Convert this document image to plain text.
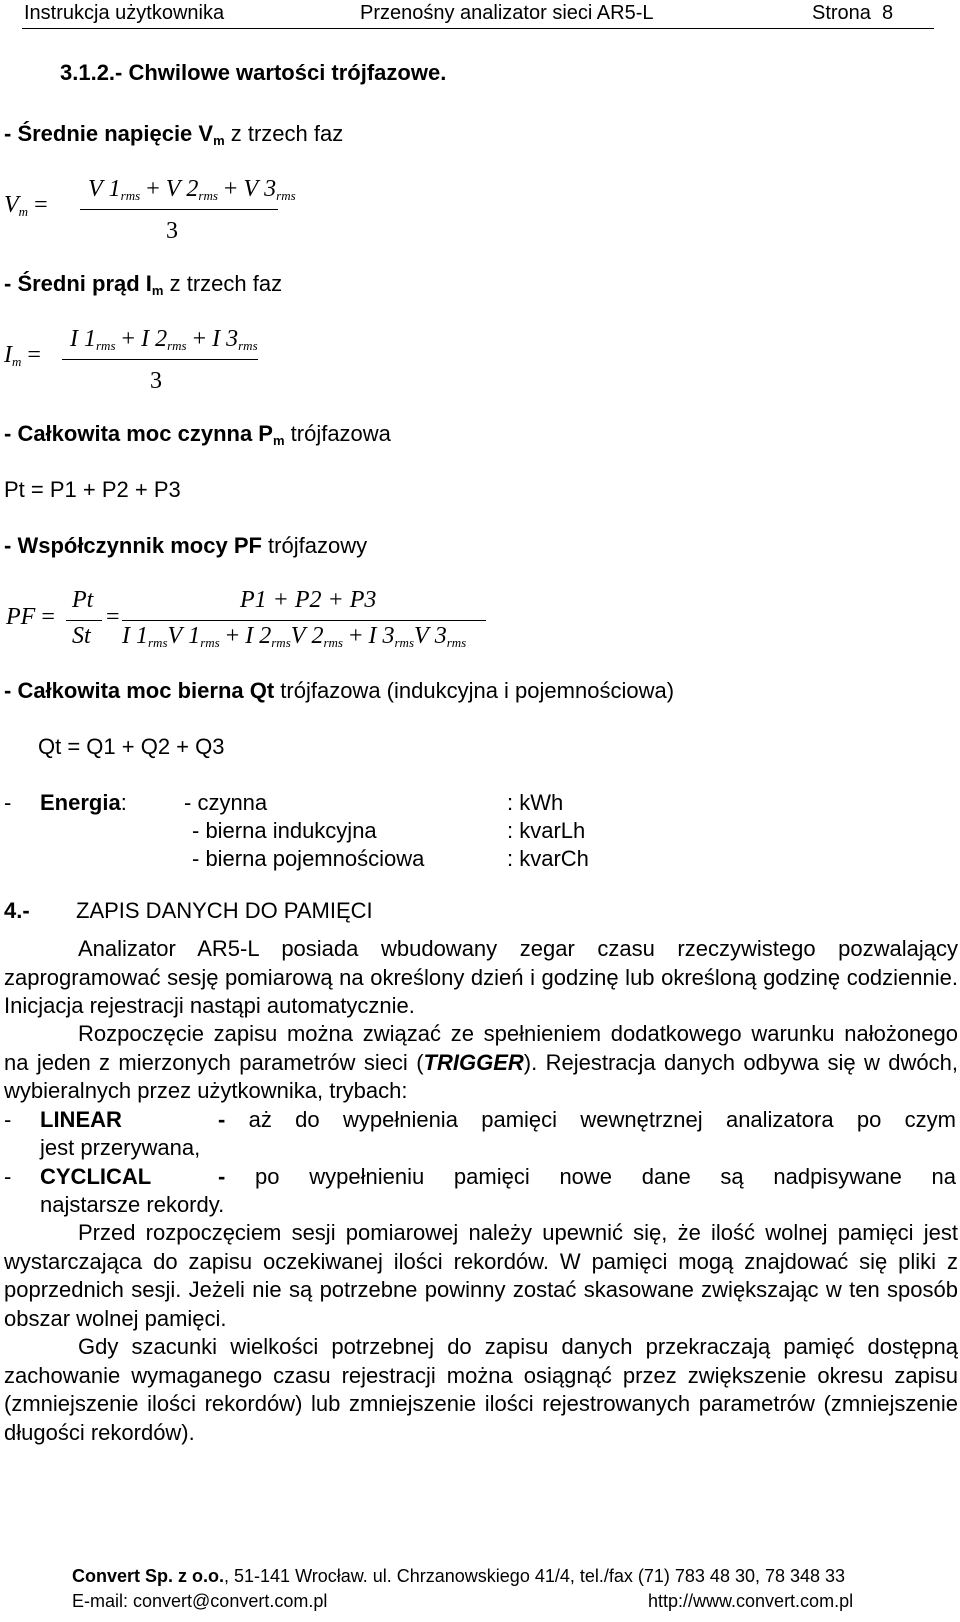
Instrukcja użytkownika	Przenośny analizator sieci AR5-L	Strona  8
3.1.2.- Chwilowe wartości trójfazowe.
- Średnie napięcie $V_m$ z trzech faz
$V_m$ =
V $1_{rms} + V$ $2_{rms} + V$ $3_{rms}$
3
- Średni prąd $I_m$ z trzech faz
$I_m$ =
I $1_{rms} + I$ $2_{rms} + I$ $3_{rms}$
3
- Całkowita moc czynna $P_m$ trójfazowa
Pt = P1 + P2 + P3
- Współczynnik mocy PF trójfazowy
PF =
Pt
St
=
P1 + P2 + P3
I $1_{rms}V$ $1_{rms} + I$ $2_{rms}V$ $2_{rms} + I$ $3_{rms}V$ $3_{rms}$
- Całkowita moc bierna Qt trójfazowa (indukcyjna i pojemnościowa)
Qt = Q1 + Q2 + Q3
- Energia:	- czynna	: kWh
- bierna indukcyjna	: kvarLh
- bierna pojemnościowa	: kvarCh
4.- ZAPIS DANYCH DO PAMIĘCI
Analizator AR5-L posiada wbudowany zegar czasu rzeczywistego pozwalający zaprogramować sesję pomiarową na określony dzień i godzinę lub określoną godzinę codziennie. Inicjacja rejestracji nastąpi automatycznie.
Rozpoczęcie zapisu można związać ze spełnieniem dodatkowego warunku nałożonego na jeden z mierzonych parametrów sieci (TRIGGER). Rejestracja danych odbywa się w dwóch, wybieralnych przez użytkownika, trybach:
- LINEAR	- aż do wypełnienia pamięci wewnętrznej analizatora po czym
jest przerywana,
- CYCLICAL	- po wypełnieniu pamięci nowe dane są nadpisywane na
najstarsze rekordy.
Przed rozpoczęciem sesji pomiarowej należy upewnić się, że ilość wolnej pamięci jest wystarczająca do zapisu oczekiwanej ilości rekordów. W pamięci mogą znajdować się pliki z poprzednich sesji. Jeżeli nie są potrzebne powinny zostać skasowane zwiększając w ten sposób obszar wolnej pamięci.
Gdy szacunki wielkości potrzebnej do zapisu danych przekraczają pamięć dostępną zachowanie wymaganego czasu rejestracji można osiągnąć przez zwiększenie okresu zapisu (zmniejszenie ilości rekordów) lub zmniejszenie ilości rejestrowanych parametrów (zmniejszenie długości rekordów).
Convert Sp. z o.o., 51-141 Wrocław. ul. Chrzanowskiego 41/4, tel./fax (71) 783 48 30, 78 348 33
E-mail: convert@convert.com.pl	http://www.convert.com.pl
